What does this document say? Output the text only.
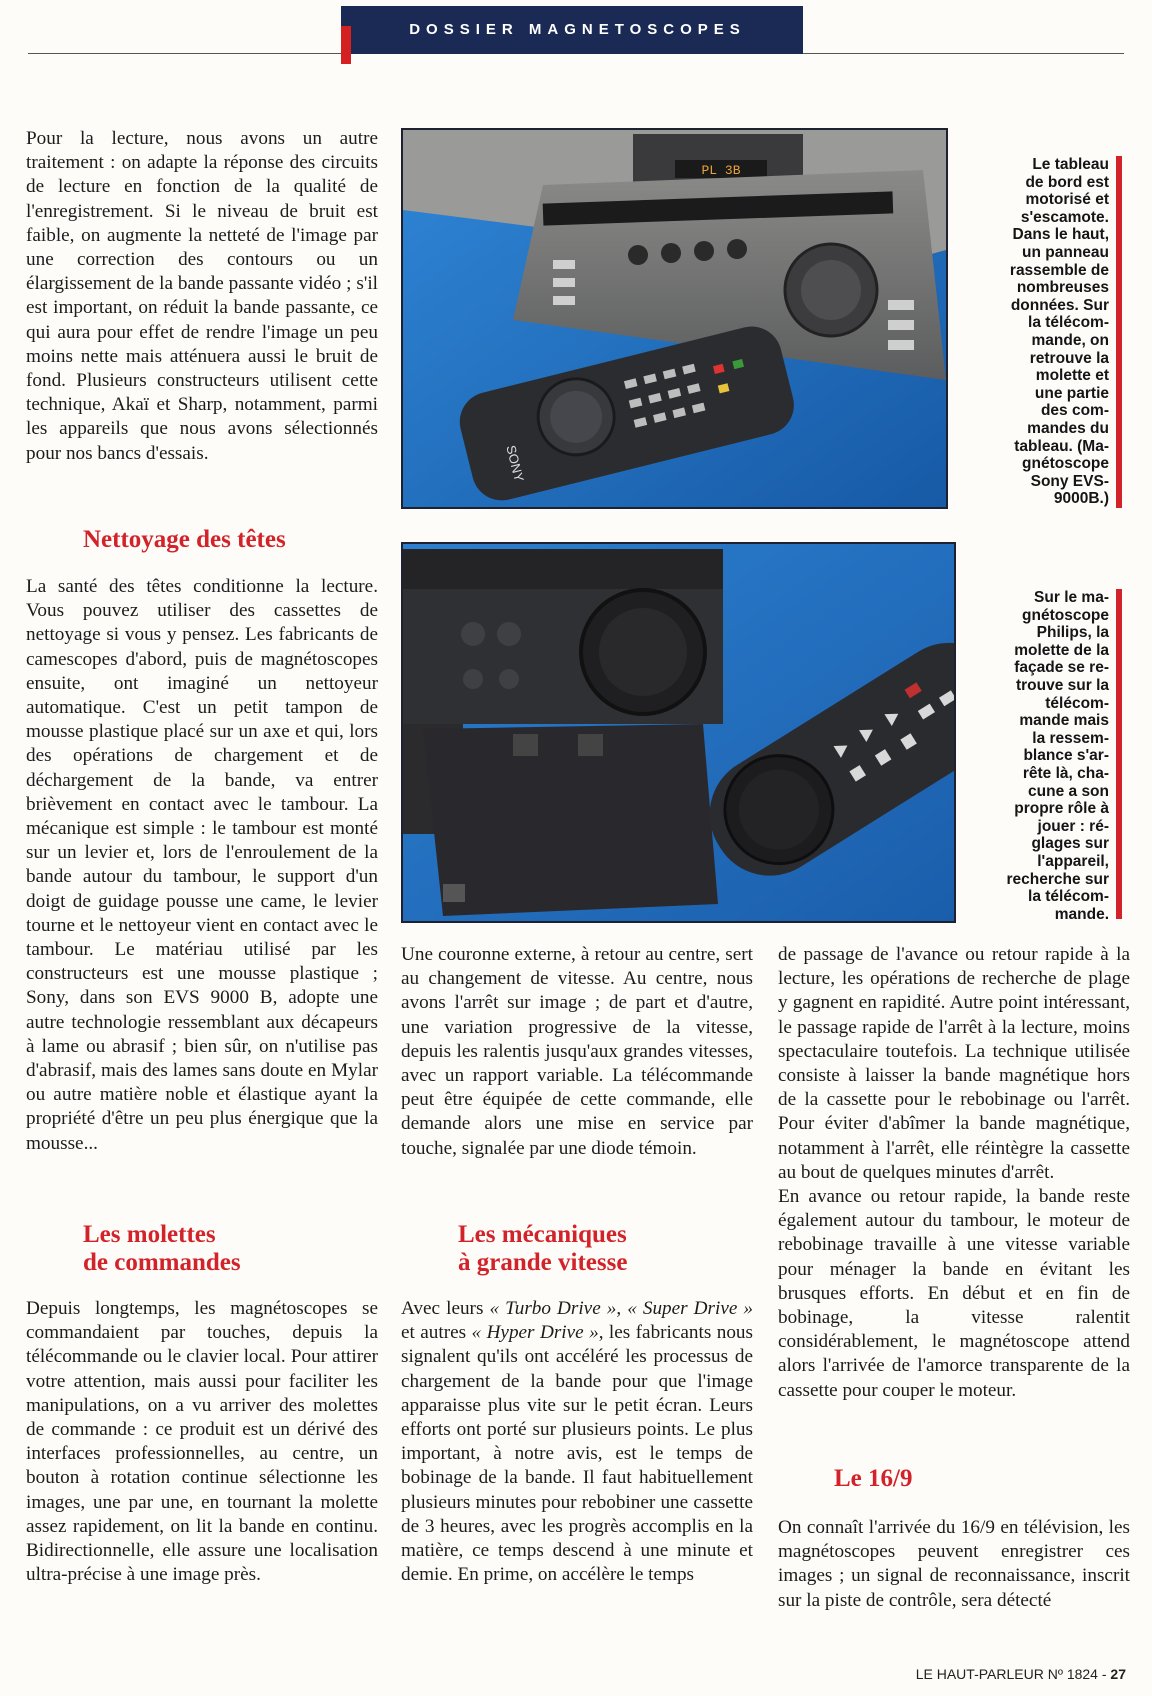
DOSSIER MAGNETOSCOPES

Pour la lecture, nous avons un autre traitement : on adapte la réponse des circuits de lecture en fonction de la qualité de l'enregistrement. Si le niveau de bruit est faible, on augmente la netteté de l'image par une correction des contours ou un élargissement de la bande passante vidéo ; s'il est important, on réduit la bande passante, ce qui aura pour effet de rendre l'image un peu moins nette mais atténuera aussi le bruit de fond. Plusieurs constructeurs utilisent cette technique, Akaï et Sharp, notamment, parmi les appareils que nous avons sélectionnés pour nos bancs d'essais.

Nettoyage des têtes

La santé des têtes conditionne la lecture. Vous pouvez utiliser des cassettes de nettoyage si vous y pensez. Les fabricants de camescopes d'abord, puis de magnétoscopes ensuite, ont imaginé un nettoyeur automatique. C'est un petit tampon de mousse plastique placé sur un axe et qui, lors des opérations de chargement et de déchargement de la bande, va entrer brièvement en contact avec le tambour. La mécanique est simple : le tambour est monté sur un levier et, lors de l'enroulement de la bande autour du tambour, le support d'un doigt de guidage pousse une came, le levier tourne et le nettoyeur vient en contact avec le tambour. Le matériau utilisé par les constructeurs est une mousse plastique ; Sony, dans son EVS 9000 B, adopte une autre technologie ressemblant aux décapeurs à lame ou abrasif ; bien sûr, on n'utilise pas d'abrasif, mais des lames sans doute en Mylar ou autre matière noble et élastique ayant la propriété d'être un peu plus énergique que la mousse...

Les molettes
de commandes

Depuis longtemps, les magnétoscopes se commandaient par touches, depuis la télécommande ou le clavier local. Pour attirer votre attention, mais aussi pour faciliter les manipulations, on a vu arriver des molettes de commande : ce produit est un dérivé des interfaces professionnelles, au centre, un bouton à rotation continue sélectionne les images, une par une, en tournant la molette assez rapidement, on lit la bande en continu. Bidirectionnelle, elle assure une localisation ultra-précise à une image près.

Une couronne externe, à retour au centre, sert au changement de vitesse. Au centre, nous avons l'arrêt sur image ; de part et d'autre, une variation progressive de la vitesse, depuis les ralentis jusqu'aux grandes vitesses, avec un rapport variable. La télécommande peut être équipée de cette commande, elle demande alors une mise en service par touche, signalée par une diode témoin.

Les mécaniques
à grande vitesse

Avec leurs « Turbo Drive », « Super Drive » et autres « Hyper Drive », les fabricants nous signalent qu'ils ont accéléré les processus de chargement de la bande pour que l'image apparaisse plus vite sur le petit écran. Leurs efforts ont porté sur plusieurs points. Le plus important, à notre avis, est le temps de bobinage de la bande. Il faut habituellement plusieurs minutes pour rebobiner une cassette de 3 heures, avec les progrès accomplis en la matière, ce temps descend à une minute et demie. En prime, on accélère le temps

de passage de l'avance ou retour rapide à la lecture, les opérations de recherche de plage y gagnent en rapidité. Autre point intéressant, le passage rapide de l'arrêt à la lecture, moins spectaculaire toutefois. La technique utilisée consiste à laisser la bande magnétique hors de la cassette pour le rebobinage ou l'arrêt. Pour éviter d'abîmer la bande magnétique, notamment à l'arrêt, elle réintègre la cassette au bout de quelques minutes d'arrêt.

En avance ou retour rapide, la bande reste également autour du tambour, le moteur de rebobinage travaille à une vitesse variable pour ménager la bande en évitant les brusques efforts. En début et en fin de bobinage, la vitesse ralentit considérablement, le magnétoscope attend alors l'arrivée de l'amorce transparente de la cassette pour couper le moteur.

Le 16/9

On connaît l'arrivée du 16/9 en télévision, les magnétoscopes peuvent enregistrer ces images ; un signal de reconnaissance, inscrit sur la piste de contrôle, sera détecté

PL 3B
SONY
Le tableau
de bord est
motorisé et
s'escamote.
Dans le haut,
un panneau
rassemble de
nombreuses
données. Sur
la télécom-
mande, on
retrouve la
molette et
une partie
des com-
mandes du
tableau. (Ma-
gnétoscope
Sony EVS-
9000B.)
Sur le ma-
gnétoscope
Philips, la
molette de la
façade se re-
trouve sur la
télécom-
mande mais
la ressem-
blance s'ar-
rête là, cha-
cune a son
propre rôle à
jouer : ré-
glages sur
l'appareil,
recherche sur
la télécom-
mande.
LE HAUT-PARLEUR Nº 1824 - 27
